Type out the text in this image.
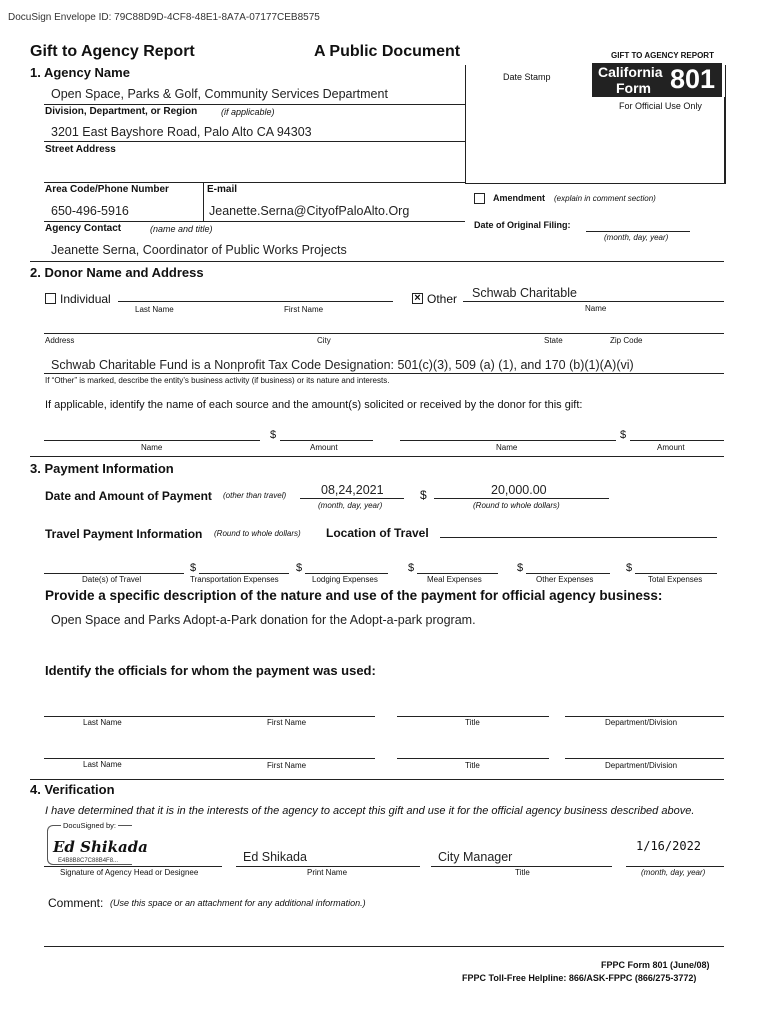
DocuSign Envelope ID: 79C88D9D-4CF8-48E1-8A7A-07177CEB8575
Gift to Agency Report	A Public Document	GIFT TO AGENCY REPORT
1. Agency Name	California
Form 801
For Official Use Only
Date Stamp
Open Space, Parks & Golf, Community Services Department
Division, Department, or Region	(if applicable)
3201 East Bayshore Road, Palo Alto CA 94303
Street Address
Area Code/Phone Number	E-mail
650-496-5916	Jeanette.Serna@CityofPaloAlto.Org
Agency Contact	(name and title)
Jeanette Serna, Coordinator of Public Works Projects
Amendment (explain in comment section)
Date of Original Filing:
(month, day, year)
2. Donor Name and Address
Individual
Last Name	First Name
× Other Schwab Charitable
Name
Address	City	State	Zip Code
Schwab Charitable Fund is a Nonprofit Tax Code Designation: 501(c)(3), 509 (a) (1), and 170 (b)(1)(A)(vi)
If “Other” is marked, describe the entity’s business activity (if business) or its nature and interests.
If applicable, identify the name of each source and the amount(s) solicited or received by the donor for this gift:
$
Name	Amount
$
Name	Amount
3. Payment Information
Date and Amount of Payment (other than travel)	08,24,2021
(month, day, year)
$	20,000.00
(Round to whole dollars)
Travel Payment Information (Round to whole dollars) Location of Travel
$	$	$	$	$
Date(s) of Travel	Transportation Expenses	Lodging Expenses	Meal Expenses	Other Expenses	Total Expenses
Provide a specific description of the nature and use of the payment for official agency business:
Open Space and Parks Adopt-a-Park donation for the Adopt-a-park program.
Identify the officials for whom the payment was used:
Last Name	First Name	Title	Department/Division
Last Name	First Name	Title	Department/Division
4. Verification
I have determined that it is in the interests of the agency to accept this gift and use it for the official agency business described above.
DocuSigned by:
Ed Shikada
E4B8B8C7C88B4F8...
Signature of Agency Head or Designee
Ed Shikada
Print Name
City Manager
Title
1/16/2022
(month, day, year)
Comment: (Use this space or an attachment for any additional information.)
FPPC Form 801 (June/08)
FPPC Toll-Free Helpline: 866/ASK-FPPC (866/275-3772)
